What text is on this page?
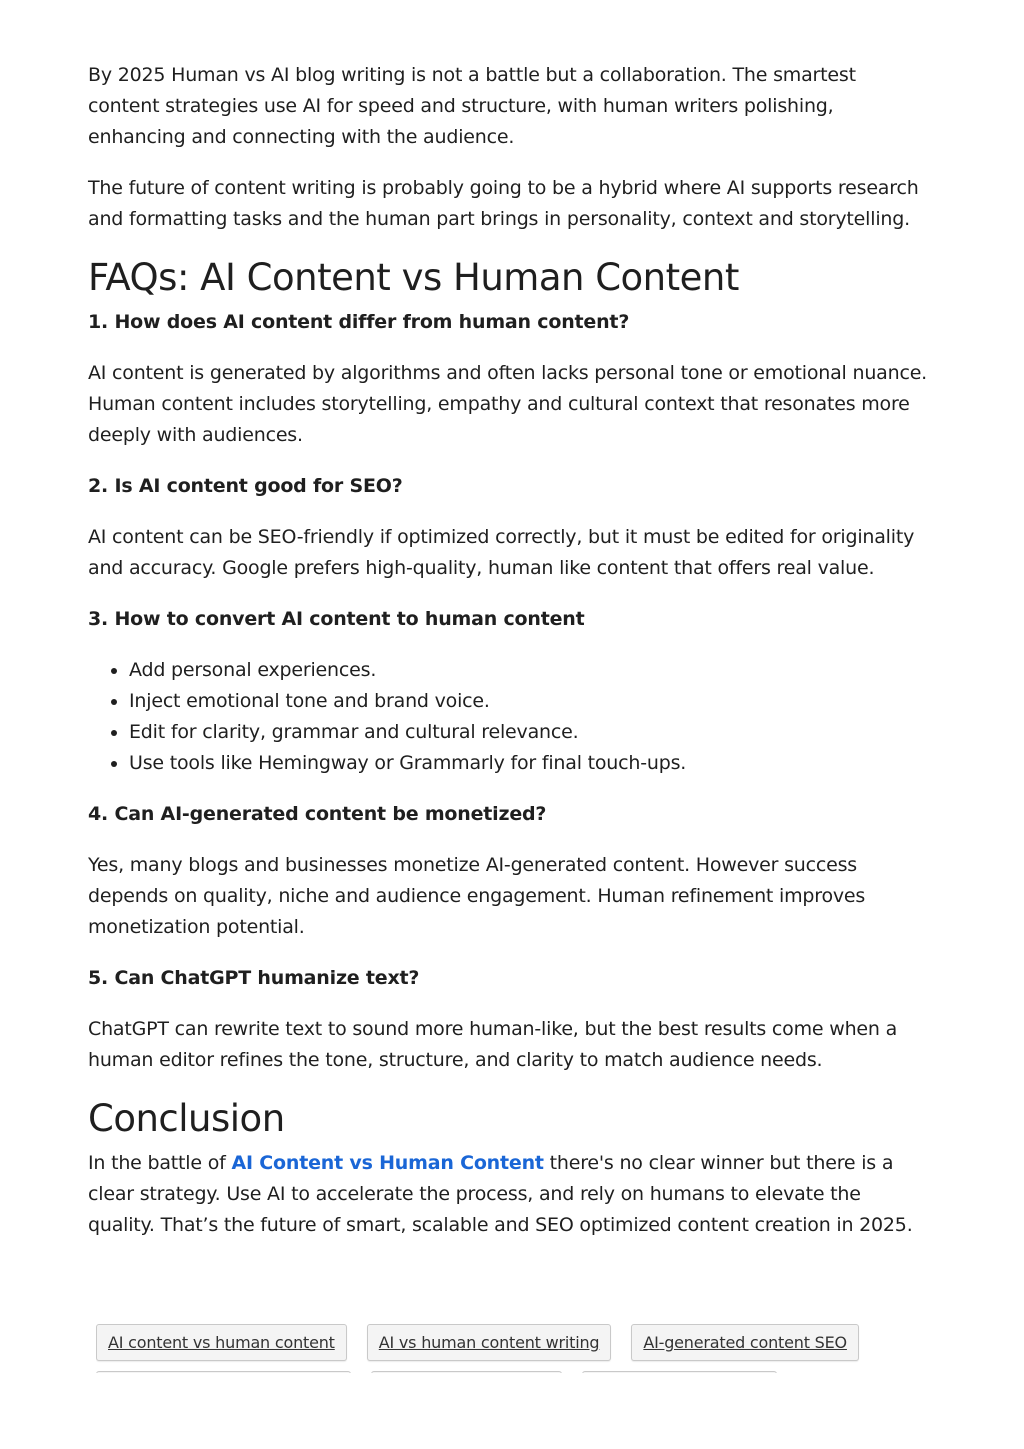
By 2025 Human vs AI blog writing is not a battle but a collaboration. The smartest content strategies use AI for speed and structure, with human writers polishing, enhancing and connecting with the audience.

The future of content writing is probably going to be a hybrid where AI supports research and formatting tasks and the human part brings in personality, context and storytelling.

FAQs: AI Content vs Human Content
1. How does AI content differ from human content?

AI content is generated by algorithms and often lacks personal tone or emotional nuance. Human content includes storytelling, empathy and cultural context that resonates more deeply with audiences.

2. Is AI content good for SEO?

AI content can be SEO-friendly if optimized correctly, but it must be edited for originality and accuracy. Google prefers high-quality, human like content that offers real value.

3. How to convert AI content to human content
• Add personal experiences.
• Inject emotional tone and brand voice.
• Edit for clarity, grammar and cultural relevance.
• Use tools like Hemingway or Grammarly for final touch-ups.
4. Can AI-generated content be monetized?

Yes, many blogs and businesses monetize AI-generated content. However success depends on quality, niche and audience engagement. Human refinement improves monetization potential.

5. Can ChatGPT humanize text?

ChatGPT can rewrite text to sound more human-like, but the best results come when a human editor refines the tone, structure, and clarity to match audience needs.

Conclusion

In the battle of AI Content vs Human Content there's no clear winner but there is a clear strategy. Use AI to accelerate the process, and rely on humans to elevate the quality. That’s the future of smart, scalable and SEO optimized content creation in 2025.

AI content vs human content	AI vs human content writing	AI-generated content SEO
